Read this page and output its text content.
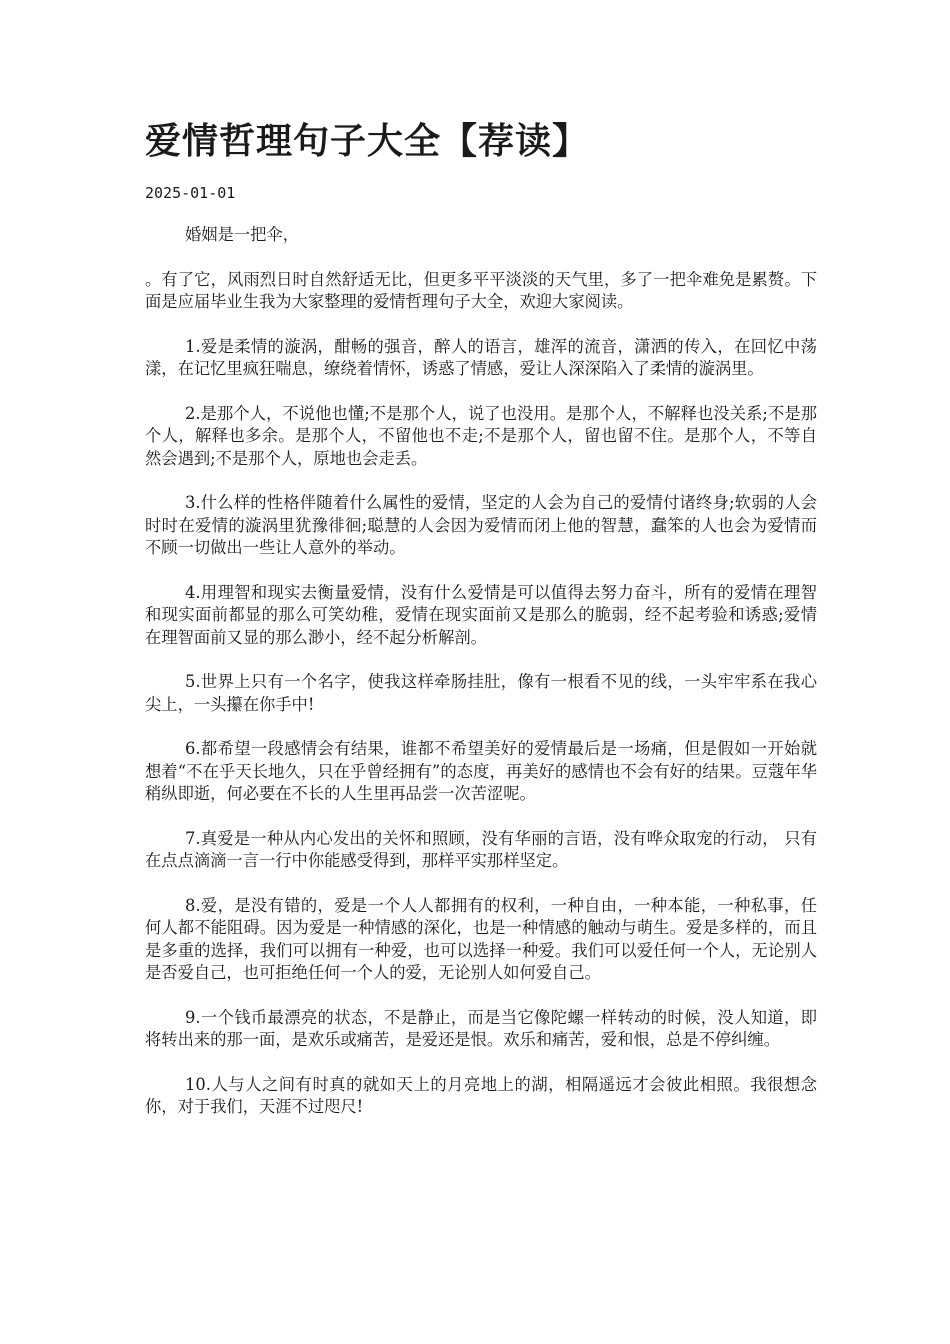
爱情哲理句子大全【荐读】
2025-01-01

婚姻是一把伞，

。有了它，风雨烈日时自然舒适无比，但更多平平淡淡的天气里，多了一把伞难免是累赘。下面是应届毕业生我为大家整理的爱情哲理句子大全，欢迎大家阅读。

1.爱是柔情的漩涡，酣畅的强音，醉人的语言，雄浑的流音，潇洒的传入，在回忆中荡漾，在记忆里疯狂喘息，缭绕着情怀，诱惑了情感，爱让人深深陷入了柔情的漩涡里。

2.是那个人，不说他也懂;不是那个人，说了也没用。是那个人，不解释也没关系;不是那个人，解释也多余。是那个人，不留他也不走;不是那个人，留也留不住。是那个人，不等自然会遇到;不是那个人，原地也会走丢。

3.什么样的性格伴随着什么属性的爱情，坚定的人会为自己的爱情付诸终身;软弱的人会时时在爱情的漩涡里犹豫徘徊;聪慧的人会因为爱情而闭上他的智慧，蠢笨的人也会为爱情而不顾一切做出一些让人意外的举动。

4.用理智和现实去衡量爱情，没有什么爱情是可以值得去努力奋斗，所有的爱情在理智和现实面前都显的那么可笑幼稚，爱情在现实面前又是那么的脆弱，经不起考验和诱惑;爱情在理智面前又显的那么渺小，经不起分析解剖。

5.世界上只有一个名字，使我这样牵肠挂肚，像有一根看不见的线，一头牢牢系在我心尖上，一头攥在你手中!

6.都希望一段感情会有结果，谁都不希望美好的爱情最后是一场痛，但是假如一开始就想着“不在乎天长地久，只在乎曾经拥有”的态度，再美好的感情也不会有好的结果。豆蔻年华稍纵即逝，何必要在不长的人生里再品尝一次苦涩呢。

7.真爱是一种从内心发出的关怀和照顾，没有华丽的言语，没有哗众取宠的行动， 只有在点点滴滴一言一行中你能感受得到，那样平实那样坚定。

8.爱，是没有错的，爱是一个人人都拥有的权利，一种自由，一种本能，一种私事，任何人都不能阻碍。因为爱是一种情感的深化，也是一种情感的触动与萌生。爱是多样的，而且是多重的选择，我们可以拥有一种爱，也可以选择一种爱。我们可以爱任何一个人，无论别人是否爱自己，也可拒绝任何一个人的爱，无论别人如何爱自己。

9.一个钱币最漂亮的状态，不是静止，而是当它像陀螺一样转动的时候，没人知道，即将转出来的那一面，是欢乐或痛苦，是爱还是恨。欢乐和痛苦，爱和恨，总是不停纠缠。

10.人与人之间有时真的就如天上的月亮地上的湖，相隔遥远才会彼此相照。我很想念你，对于我们，天涯不过咫尺!
